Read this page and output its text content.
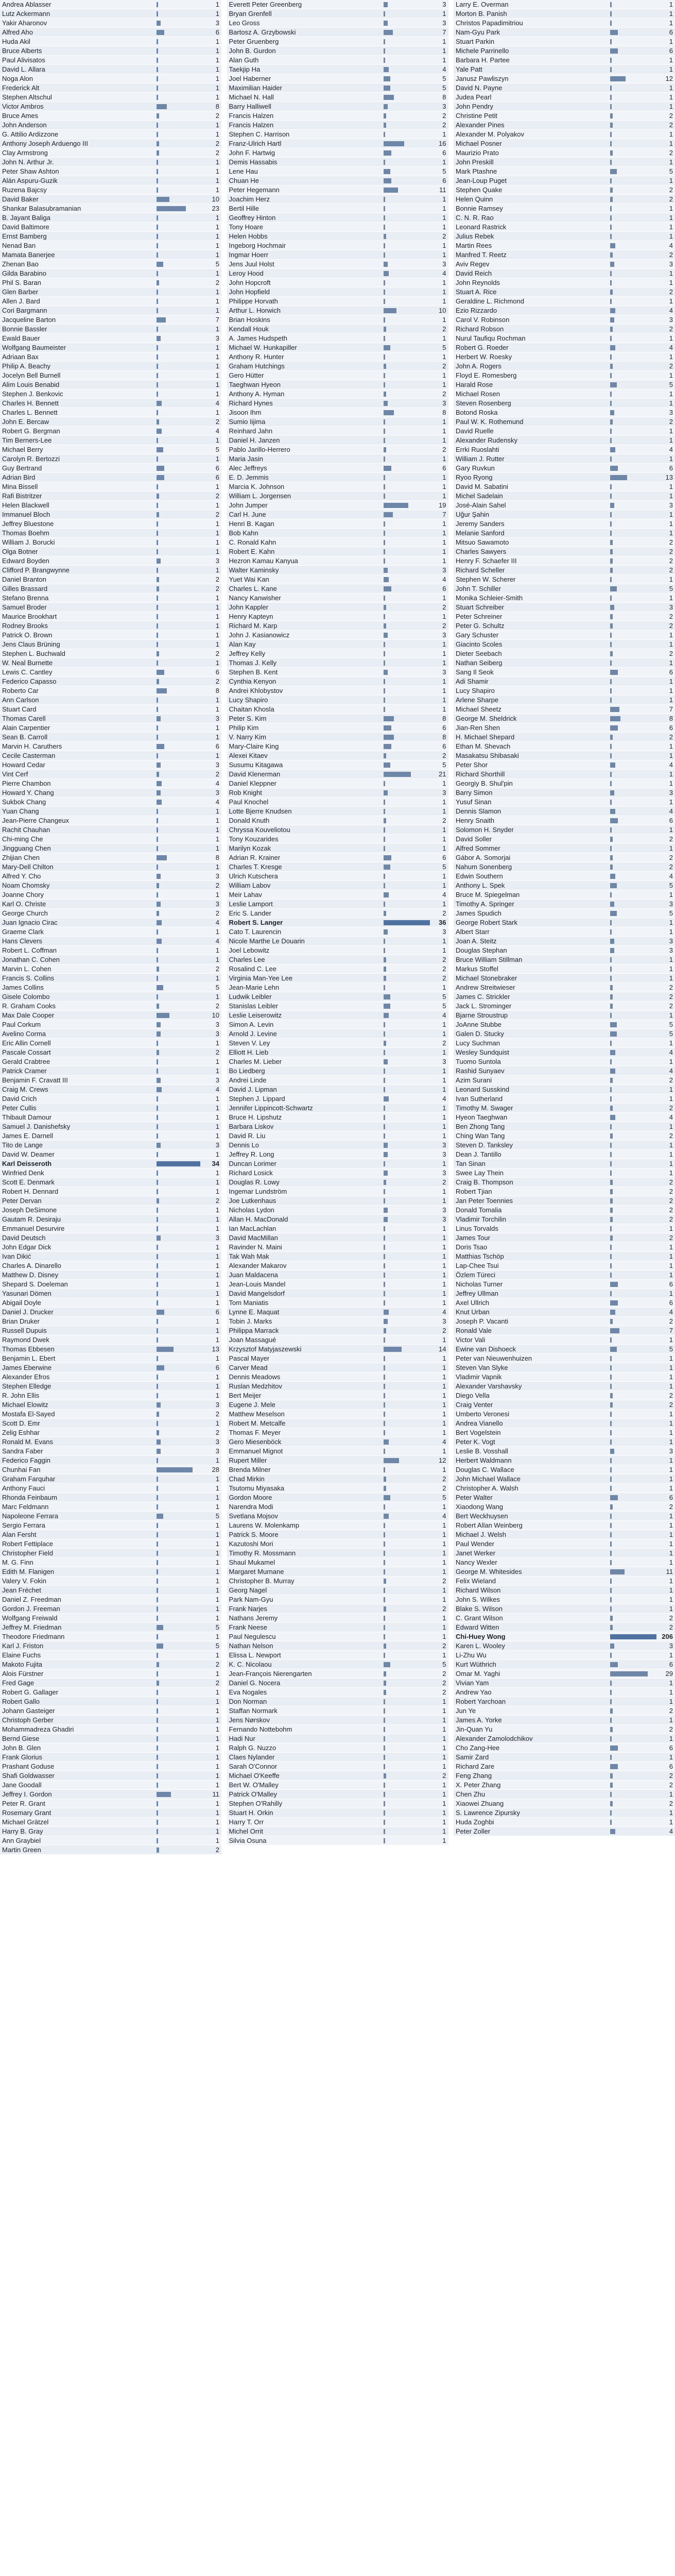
Andrea Ablasser	1
Lutz Ackermann	1
Yakir Aharonov	3
Alfred Aho	6
Huda Akil	1
Bruce Alberts	1
Paul Alivisatos	1
David L. Allara	1
Noga Alon	1
Frederick Alt	1
Stephen Altschul	1
Victor Ambros	8
Bruce Ames	2
John Anderson	1
G. Attilio Ardizzone	1
Anthony Joseph Arduengo III	2
Clay Armstrong	2
John N. Arthur Jr.	1
Peter Shaw Ashton	1
Alán Aspuru-Guzik	1
Ruzena Bajcsy	1
David Baker	10
Shankar Balasubramanian	23
B. Jayant Baliga	1
David Baltimore	1
Ernst Bamberg	1
Nenad Ban	1
Mamata Banerjee	1
Zhenan Bao	5
Gilda Barabino	1
Phil S. Baran	2
Glen Barber	1
Allen J. Bard	1
Cori Bargmann	1
Jacqueline Barton	7
Bonnie Bassler	1
Ewald Bauer	3
Wolfgang Baumeister	1
Adriaan Bax	1
Philip A. Beachy	1
Jocelyn Bell Burnell	1
Alim Louis Benabid	1
Stephen J. Benkovic	1
Charles H. Bennett	4
Charles L. Bennett	1
John E. Bercaw	2
Robert G. Bergman	4
Tim Berners-Lee	1
Michael Berry	5
Carolyn R. Bertozzi	1
Guy Bertrand	6
Adrian Bird	6
Mina Bissell	1
Rafi Bistritzer	2
Helen Blackwell	1
Immanuel Bloch	2
Jeffrey Bluestone	1
Thomas Boehm	1
William J. Borucki	1
Olga Botner	1
Edward Boyden	3
Clifford P. Brangwynne	1
Daniel Branton	2
Gilles Brassard	2
Stefano Brenna	1
Samuel Broder	1
Maurice Brookhart	1
Rodney Brooks	1
Patrick O. Brown	1
Jens Claus Brüning	1
Stephen L. Buchwald	2
W. Neal Burnette	1
Lewis C. Cantley	6
Federico Capasso	2
Roberto Car	8
Ann Carlson	1
Stuart Card	1
Thomas Carell	3
Alain Carpentier	1
Sean B. Carroll	1
Marvin H. Caruthers	6
Cecile Casterman	1
Howard Cedar	3
Vint Cerf	2
Pierre Chambon	4
Howard Y. Chang	3
Sukbok Chang	4
Yuan Chang	1
Jean-Pierre Changeux	1
Rachit Chauhan	1
Chi-ming Che	1
Jingguang Chen	1
Zhijian Chen	8
Mary-Dell Chilton	1
Alfred Y. Cho	3
Noam Chomsky	2
Joanne Chory	1
Karl O. Christe	3
George Church	2
Juan Ignacio Cirac	4
Graeme Clark	1
Hans Clevers	4
Robert L. Coffman	1
Jonathan C. Cohen	1
Marvin L. Cohen	2
Francis S. Collins	1
James Collins	5
Gisele Colombo	1
R. Graham Cooks	2
Max Dale Cooper	10
Paul Corkum	3
Avelino Corma	3
Eric Allin Cornell	1
Pascale Cossart	2
Gerald Crabtree	1
Patrick Cramer	1
Benjamin F. Cravatt III	3
Craig M. Crews	4
David Crich	1
Peter Cullis	1
Thibault Damour	1
Samuel J. Danishefsky	1
James E. Darnell	1
Tito de Lange	3
David W. Deamer	1
Karl Deisseroth	34
Winfried Denk	1
Scott E. Denmark	1
Robert H. Dennard	1
Peter Dervan	2
Joseph DeSimone	1
Gautam R. Desiraju	1
Emmanuel Desurvire	1
David Deutsch	3
John Edgar Dick	1
Ivan Dikić	1
Charles A. Dinarello	1
Matthew D. Disney	1
Shepard S. Doeleman	1
Yasunari Dömen	1
Abigail Doyle	1
Daniel J. Drucker	6
Brian Druker	1
Russell Dupuis	1
Raymond Dwek	1
Thomas Ebbesen	13
Benjamin L. Ebert	1
James Eberwine	6
Alexander Efros	1
Stephen Elledge	1
R. John Ellis	1
Michael Elowitz	3
Mostafa El-Sayed	2
Scott D. Emr	1
Zelig Eshhar	2
Ronald M. Evans	3
Sandra Faber	3
Federico Faggin	1
Chunhai Fan	28
Graham Farquhar	1
Anthony Fauci	1
Rhonda Feinbaum	1
Marc Feldmann	1
Napoleone Ferrara	5
Sergio Ferrara	1
Alan Fersht	1
Robert Fettiplace	1
Christopher Field	1
M. G. Finn	1
Edith M. Flanigen	1
Valery V. Fokin	1
Jean Fréchet	1
Daniel Z. Freedman	1
Gordon J. Freeman	1
Wolfgang Freiwald	1
Jeffrey M. Friedman	5
Theodore Friedmann	1
Karl J. Friston	5
Elaine Fuchs	1
Makoto Fujita	2
Alois Fürstner	1
Fred Gage	2
Robert G. Gallager	1
Robert Gallo	1
Johann Gasteiger	1
Christoph Gerber	1
Mohammadreza Ghadiri	1
Bernd Giese	1
John B. Glen	1
Frank Glorius	1
Prashant Goduse	1
Shafi Goldwasser	1
Jane Goodall	1
Jeffrey I. Gordon	11
Peter R. Grant	1
Rosemary Grant	1
Michael Grätzel	1
Harry B. Gray	1
Ann Graybiel	1
Martin Green	2
Everett Peter Greenberg	3
Bryan Grenfell	1
Leo Gross	3
Bartosz A. Grzybowski	7
Peter Gruenberg	1
John B. Gurdon	1
Alan Guth	1
Taekjip Ha	4
Joel Haberner	5
Maximilian Haider	5
Michael N. Hall	8
Barry Halliwell	3
Francis Halzen	2
Francis Halzen	2
Stephen C. Harrison	1
Franz-Ulrich Hartl	16
John F. Hartwig	6
Demis Hassabis	1
Lene Hau	5
Chuan He	6
Peter Hegemann	11
Joachim Herz	1
Bertil Hille	1
Geoffrey Hinton	1
Tony Hoare	1
Helen Hobbs	2
Ingeborg Hochmair	1
Ingmar Hoerr	1
Jens Juul Holst	3
Leroy Hood	4
John Hopcroft	1
John Hopfield	1
Philippe Horvath	1
Arthur L. Horwich	10
Brian Hoskins	1
Kendall Houk	2
A. James Hudspeth	1
Michael W. Hunkapiller	5
Anthony R. Hunter	1
Graham Hutchings	2
Gero Hütter	1
Taeghwan Hyeon	1
Anthony A. Hyman	2
Richard Hynes	3
Jisoon Ihm	8
Sumio Iijima	1
Reinhard Jahn	1
Daniel H. Janzen	1
Pablo Jarillo-Herrero	2
Maria Jasin	1
Alec Jeffreys	6
E. D. Jemmis	1
Marcia K. Johnson	1
William L. Jorgensen	1
John Jumper	19
Carl H. June	7
Henri B. Kagan	1
Bob Kahn	1
C. Ronald Kahn	1
Robert E. Kahn	1
Hezron Kamau Kanyua	1
Walter Kaminsky	3
Yuet Wai Kan	4
Charles L. Kane	6
Nancy Kanwisher	1
John Kappler	2
Henry Kapteyn	1
Richard M. Karp	2
John J. Kasianowicz	3
Alan Kay	1
Jeffrey Kelly	1
Thomas J. Kelly	1
Stephen B. Kent	3
Cynthia Kenyon	1
Andrei Khlobystov	1
Lucy Shapiro	1
Chaitan Khosla	1
Peter S. Kim	8
Philip Kim	6
V. Narry Kim	8
Mary-Claire King	6
Alexei Kitaev	2
Susumu Kitagawa	5
David Klenerman	21
Daniel Kleppner	1
Rob Knight	3
Paul Knochel	1
Lotte Bjerre Knudsen	1
Donald Knuth	2
Chryssa Kouveliotou	1
Tony Kouzarides	1
Marilyn Kozak	1
Adrian R. Krainer	6
Charles T. Kresge	5
Ulrich Kutschera	1
William Labov	1
Meir Lahav	4
Leslie Lamport	1
Eric S. Lander	2
Robert S. Langer	36
Cato T. Laurencin	3
Nicole Marthe Le Douarin	1
Joel Lebowitz	1
Charles Lee	2
Rosalind C. Lee	2
Virginia Man-Yee Lee	2
Jean-Marie Lehn	1
Ludwik Leibler	5
Stanislas Leibler	5
Leslie Leiserowitz	4
Simon A. Levin	1
Arnold J. Levine	1
Steven V. Ley	2
Elliott H. Lieb	1
Charles M. Lieber	3
Bo Liedberg	1
Andrei Linde	1
David J. Lipman	1
Stephen J. Lippard	4
Jennifer Lippincott-Schwartz	1
Bruce H. Lipshutz	1
Barbara Liskov	1
David R. Liu	1
Dennis Lo	3
Jeffrey R. Long	3
Duncan Lorimer	1
Richard Losick	3
Douglas R. Lowy	2
Ingemar Lundström	1
Joe Lutkenhaus	1
Nicholas Lydon	3
Allan H. MacDonald	3
Ian MacLachlan	1
David MacMillan	1
Ravinder N. Maini	1
Tak Wah Mak	1
Alexander Makarov	1
Juan Maldacena	1
Jean-Louis Mandel	1
David Mangelsdorf	1
Tom Maniatis	1
Lynne E. Maquat	4
Tobin J. Marks	3
Philippa Marrack	2
Joan Massagué	1
Krzysztof Matyjaszewski	14
Pascal Mayer	1
Carver Mead	1
Dennis Meadows	1
Ruslan Medzhitov	1
Bert Meijer	1
Eugene J. Mele	1
Matthew Meselson	1
Robert M. Metcalfe	1
Thomas F. Meyer	1
Gero Miesenböck	4
Emmanuel Mignot	1
Rupert Miller	12
Brenda Milner	1
Chad Mirkin	2
Tsutomu Miyasaka	2
Gordon Moore	5
Narendra Modi	1
Svetlana Mojsov	4
Laurens W. Molenkamp	1
Patrick S. Moore	1
Kazutoshi Mori	1
Timothy R. Mossmann	1
Shaul Mukamel	1
Margaret Murnane	1
Christopher B. Murray	2
Georg Nagel	1
Park Nam-Gyu	1
Frank Narjes	2
Nathans Jeremy	1
Frank Neese	1
Paul Negulescu	1
Nathan Nelson	2
Elissa L. Newport	1
K. C. Nicolaou	5
Jean-François Nierengarten	2
Daniel G. Nocera	2
Eva Nogales	2
Don Norman	1
Staffan Normark	1
Jens Nørskov	1
Fernando Nottebohm	1
Hadi Nur	1
Ralph G. Nuzzo	1
Claes Nylander	1
Sarah O'Connor	1
Michael O'Keeffe	2
Bert W. O'Malley	1
Patrick O'Malley	1
Stephen O'Rahilly	1
Stuart H. Orkin	1
Harry T. Orr	1
Michel Orrit	1
Silvia Osuna	1
Larry E. Overman	1
Morton B. Panish	1
Christos Papadimitriou	1
Nam-Gyu Park	6
Stuart Parkin	1
Michele Parrinello	6
Barbara H. Partee	1
Yale Patt	1
Janusz Pawliszyn	12
David N. Payne	1
Judea Pearl	1
John Pendry	1
Christine Petit	2
Alexander Pines	2
Alexander M. Polyakov	1
Michael Posner	1
Maurizio Prato	2
John Preskill	1
Mark Ptashne	5
Jean-Loup Puget	1
Stephen Quake	2
Helen Quinn	2
Bonnie Ramsey	1
C. N. R. Rao	1
Leonard Rastrick	1
Julius Rebek	1
Martin Rees	4
Manfred T. Reetz	2
Aviv Regev	3
David Reich	1
John Reynolds	1
Stuart A. Rice	2
Geraldine L. Richmond	1
Ezio Rizzardo	4
Carol V. Robinson	3
Richard Robson	2
Nurul Taufiqu Rochman	1
Robert G. Roeder	4
Herbert W. Roesky	1
John A. Rogers	2
Floyd E. Romesberg	1
Harald Rose	5
Michael Rosen	1
Steven Rosenberg	1
Botond Roska	3
Paul W. K. Rothemund	2
David Ruelle	1
Alexander Rudensky	1
Errki Ruoslahti	4
William J. Rutter	1
Gary Ruvkun	6
Ryoo Ryong	13
David M. Sabatini	1
Michel Sadelain	1
José-Alain Sahel	3
Uğur Şahin	1
Jeremy Sanders	1
Melanie Sanford	1
Mitsuo Sawamoto	2
Charles Sawyers	2
Henry F. Schaefer III	2
Richard Scheller	2
Stephen W. Scherer	1
John T. Schiller	5
Monika Schleier-Smith	1
Stuart Schreiber	3
Peter Schreiner	2
Peter G. Schultz	2
Gary Schuster	1
Giacinto Scoles	1
Dieter Seebach	2
Nathan Seiberg	1
Sang Il Seok	6
Adi Shamir	1
Lucy Shapiro	1
Arlene Sharpe	1
Michael Sheetz	7
George M. Sheldrick	8
Jian-Ren Shen	6
H. Michael Shepard	2
Ethan M. Shevach	1
Masakatsu Shibasaki	1
Peter Shor	4
Richard Shorthill	1
Georgiy B. Shul'pin	1
Barry Simon	3
Yusuf Sinan	1
Dennis Slamon	4
Henry Snaith	6
Solomon H. Snyder	1
David Soller	2
Alfred Sommer	1
Gábor A. Somorjai	2
Nahum Sonenberg	2
Edwin Southern	4
Anthony L. Spek	5
Bruce M. Spiegelman	1
Timothy A. Springer	3
James Spudich	5
George Robert Stark	1
Albert Starr	1
Joan A. Steitz	3
Douglas Stephan	3
Bruce William Stillman	1
Markus Stoffel	1
Michael Stonebraker	1
Andrew Streitwieser	2
James C. Strickler	2
Jack L. Strominger	2
Bjarne Stroustrup	1
JoAnne Stubbe	5
Galen D. Stucky	5
Lucy Suchman	1
Wesley Sundquist	4
Tuomo Suntola	1
Rashid Sunyaev	4
Azim Surani	2
Leonard Susskind	1
Ivan Sutherland	1
Timothy M. Swager	2
Hyeon Taeghwan	4
Ben Zhong Tang	1
Ching Wan Tang	2
Steven D. Tanksley	1
Dean J. Tantillo	1
Tan Sinan	1
Swee Lay Thein	1
Craig B. Thompson	2
Robert Tjian	2
Jan Peter Toennies	2
Donald Tomalia	2
Vladimir Torchilin	2
Linus Torvalds	1
James Tour	2
Doris Tsao	1
Matthias Tschöp	1
Lap-Chee Tsui	1
Özlem Türeci	1
Nicholas Turner	6
Jeffrey Ullman	1
Axel Ullrich	6
Knut Urban	4
Joseph P. Vacanti	2
Ronald Vale	7
Victor Vali	1
Ewine van Dishoeck	5
Peter van Nieuwenhuizen	1
Steven Van Slyke	1
Vladimir Vapnik	1
Alexander Varshavsky	1
Diego Vella	2
Craig Venter	2
Umberto Veronesi	1
Andrea Vianello	1
Bert Vogelstein	1
Peter K. Vogt	1
Leslie B. Vosshall	3
Herbert Waldmann	1
Douglas C. Wallace	1
John Michael Wallace	1
Christopher A. Walsh	1
Peter Walter	6
Xiaodong Wang	2
Bert Weckhuysen	1
Robert Allan Weinberg	1
Michael J. Welsh	1
Paul Wender	1
Janet Werker	1
Nancy Wexler	1
George M. Whitesides	11
Felix Wieland	1
Richard Wilson	1
John S. Wilkes	1
Blake S. Wilson	1
C. Grant Wilson	2
Edward Witten	2
Chi-Huey Wong	206
Karen L. Wooley	3
Li-Zhu Wu	1
Kurt Wüthrich	6
Omar M. Yaghi	29
Vivian Yam	1
Andrew Yao	1
Robert Yarchoan	1
Jun Ye	2
James A. Yorke	1
Jin-Quan Yu	2
Alexander Zamolodchikov	1
Cho Zang-Hee	6
Samir Zard	1
Richard Zare	6
Feng Zhang	2
X. Peter Zhang	2
Chen Zhu	1
Xiaowei Zhuang	2
S. Lawrence Zipursky	1
Huda Zoghbi	1
Peter Zoller	4
